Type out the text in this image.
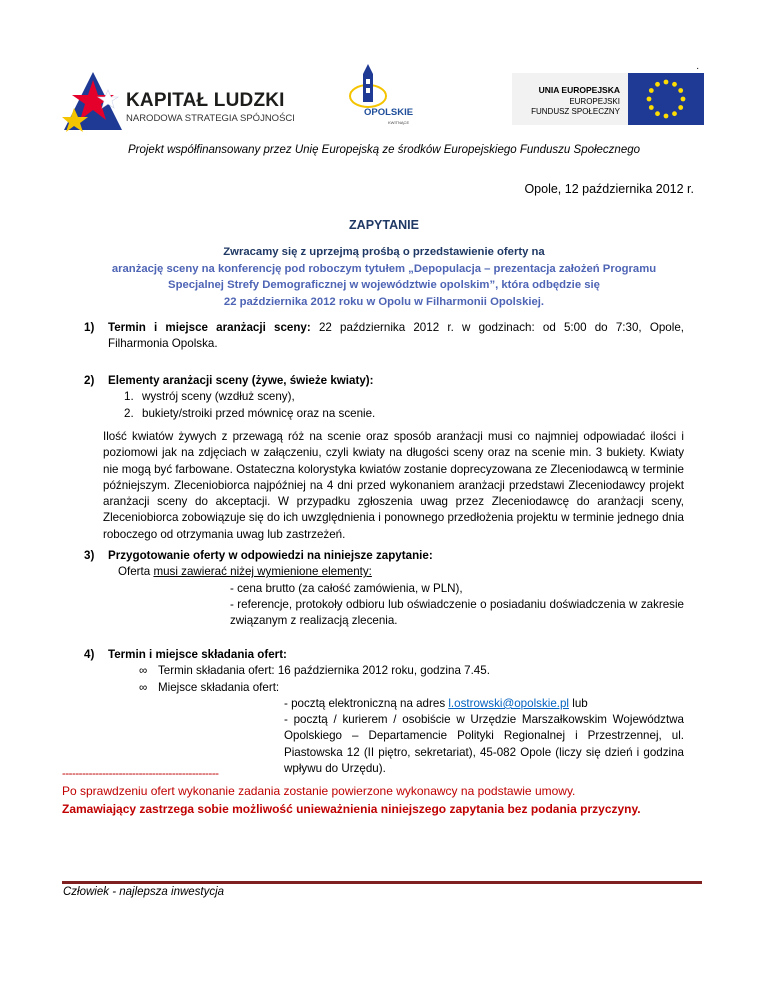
KAPITAŁ LUDZKI
NARODOWA STRATEGIA SPÓJNOŚCI
OPOLSKIE
KWITNĄCE
UNIA EUROPEJSKA
EUROPEJSKI
FUNDUSZ SPOŁECZNY
·
Projekt współfinansowany przez Unię Europejską ze środków Europejskiego Funduszu Społecznego
Opole, 12 października 2012 r.
ZAPYTANIE
Zwracamy się z uprzejmą prośbą o przedstawienie oferty na
aranżację sceny na konferencję pod roboczym tytułem „Depopulacja – prezentacja założeń Programu
Specjalnej Strefy Demograficznej w województwie opolskim”, która odbędzie się
22 października 2012 roku w Opolu w Filharmonii Opolskiej.
1) Termin i miejsce aranżacji sceny: 22 października 2012 r. w godzinach: od 5:00 do 7:30, Opole,
Filharmonia Opolska.
2)	Elementy aranżacji sceny (żywe, świeże kwiaty):
1. wystrój sceny (wzdłuż sceny),
2. bukiety/stroiki przed mównicę oraz na scenie.
Ilość kwiatów żywych z przewagą róż na scenie oraz sposób aranżacji musi co najmniej odpowiadać ilości i poziomowi jak na zdjęciach w załączeniu, czyli kwiaty na długości sceny oraz na scenie min. 3 bukiety. Kwiaty nie mogą być farbowane. Ostateczna kolorystyka kwiatów zostanie doprecyzowana ze Zleceniodawcą w terminie późniejszym. Zleceniobiorca najpóźniej na 4 dni przed wykonaniem aranżacji przedstawi Zleceniodawcy projekt aranżacji sceny do akceptacji. W przypadku zgłoszenia uwag przez Zleceniodawcę do aranżacji sceny, Zleceniobiorca zobowiązuje się do ich uwzględnienia i ponownego przedłożenia projektu w terminie jednego dnia roboczego od otrzymania uwag lub zastrzeżeń.
3)	Przygotowanie oferty w odpowiedzi na niniejsze zapytanie:
Oferta musi zawierać niżej wymienione elementy:
- cena brutto (za całość zamówienia, w PLN),
- referencje, protokoły odbioru lub oświadczenie o posiadaniu doświadczenia w zakresie
związanym z realizacją zlecenia.
4)	Termin i miejsce składania ofert:
∞ Termin składania ofert: 16 października 2012 roku, godzina 7.45.
∞ Miejsce składania ofert:
- pocztą elektroniczną na adres l.ostrowski@opolskie.pl lub
- pocztą / kurierem / osobiście w Urzędzie Marszałkowskim Województwa Opolskiego – Departamencie Polityki Regionalnej i Przestrzennej, ul. Piastowska 12 (II piętro, sekretariat), 45-082 Opole (liczy się dzień i godzina wpływu do Urzędu).
-----------------------------------------------
Po sprawdzeniu ofert wykonanie zadania zostanie powierzone wykonawcy na podstawie umowy.
Zamawiający zastrzega sobie możliwość unieważnienia niniejszego zapytania bez podania przyczyny.
Człowiek - najlepsza inwestycja
